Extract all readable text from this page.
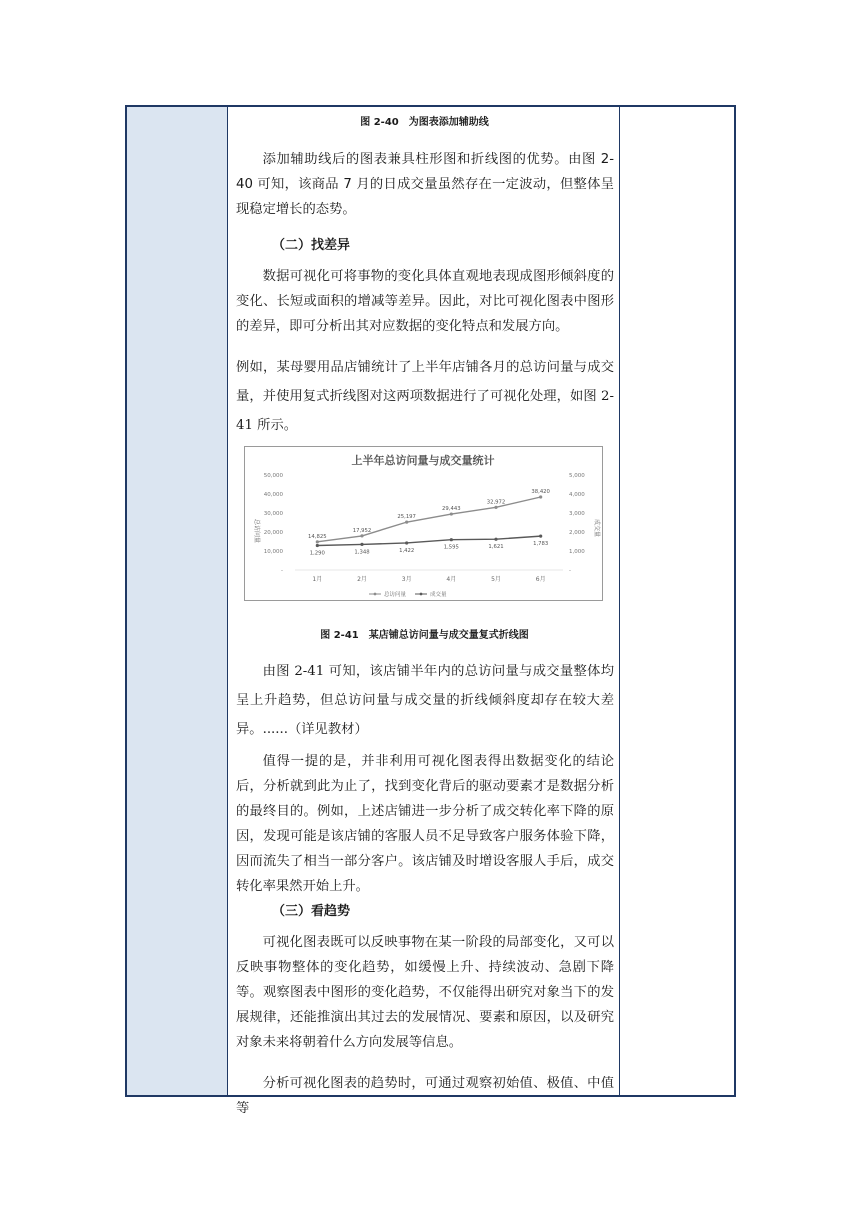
图 2-40　为图表添加辅助线

添加辅助线后的图表兼具柱形图和折线图的优势。由图 2-40 可知，该商品 7 月的日成交量虽然存在一定波动，但整体呈现稳定增长的态势。

（二）找差异

数据可视化可将事物的变化具体直观地表现成图形倾斜度的变化、长短或面积的增减等差异。因此，对比可视化图表中图形的差异，即可分析出其对应数据的变化特点和发展方向。

例如，某母婴用品店铺统计了上半年店铺各月的总访问量与成交量，并使用复式折线图对这两项数据进行了可视化处理，如图 2-41 所示。

上半年总访问量与成交量统计
总访问量	成交量
-
10,000
20,000
30,000
40,000
50,000
-
1,000
2,000
3,000
4,000
5,000
1月	2月	3月	4月	5月	6月
14,825
17,952
25,197
29,443
32,972
38,420
1,290	1,348	1,422
1,595	1,621
1,783
总访问量	成交量
图 2-41　某店铺总访问量与成交量复式折线图

由图 2-41 可知，该店铺半年内的总访问量与成交量整体均呈上升趋势，但总访问量与成交量的折线倾斜度却存在较大差异。......（详见教材）

值得一提的是，并非利用可视化图表得出数据变化的结论后，分析就到此为止了，找到变化背后的驱动要素才是数据分析的最终目的。例如，上述店铺进一步分析了成交转化率下降的原因，发现可能是该店铺的客服人员不足导致客户服务体验下降，因而流失了相当一部分客户。该店铺及时增设客服人手后，成交转化率果然开始上升。

（三）看趋势

可视化图表既可以反映事物在某一阶段的局部变化，又可以反映事物整体的变化趋势，如缓慢上升、持续波动、急剧下降等。观察图表中图形的变化趋势，不仅能得出研究对象当下的发展规律，还能推演出其过去的发展情况、要素和原因，以及研究对象未来将朝着什么方向发展等信息。

分析可视化图表的趋势时，可通过观察初始值、极值、中值等
